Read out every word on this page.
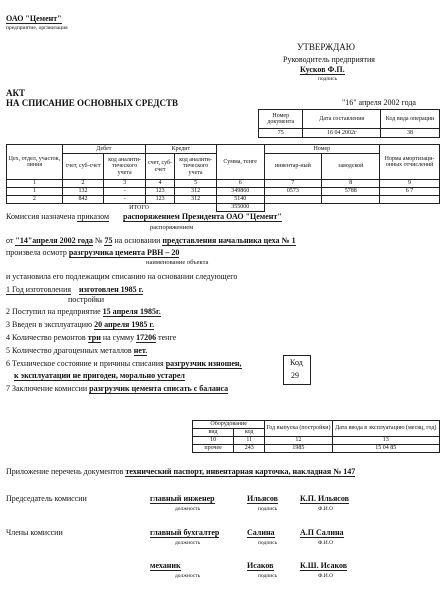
ОАО "Цемент"
предприятие, организация
УТВЕРЖДАЮ
Руководитель предприятия
Кусков Ф.П.
подпись
АКТ
НА СПИСАНИЕ ОСНОВНЫХ СРЕДСТВ	"16" апреля 2002 года
Номер документа	Дата составления	Код вида операции
75	16 04 2002г	38
Цех, отдел, участок, линия	Дебет		Кредит		Сумма, тенге	Номер		Норма амортизаци-онных отчислений
	счет, суб-счет	код аналити-тического учета	счет, суб-счет	код аналити-тического учета		инвентар-ный	заводской	
1	2	3	4	5	6	7	8	9
1	132	-	123	312	349860	0573	5788	6 7
2	842	-	123	312	5140			
	ИТОГО				355000			
Комиссия назначена приказом распоряжением Президента ОАО "Цемент"
распоряжением
от "14"апреля 2002 года № 75 на основании представления начальника цеха № 1
произвела осмотр разгрузчика цемента РВН – 20
наименование объекта
и установила его подлежащим списанию на основании следующего
1 Год изготовления изготовлен 1985 г.
постройки
2 Поступил на предприятие 15 апреля 1985г.
3 Введен в эксплуатацию 20 апреля 1985 г.
4 Количество ремонтов три на сумму 17206 тенге
5 Количество драгоценных металлов нет.
6 Техническое состояние и причины списания разгрузчик изношен,
к эксплуатации не пригоден, морально устарел
Код
29
7 Заключение комиссии разгрузчик цемента списать с баланса
Оборудование		Год выпуска (постройки)	Дата ввода в эксплуатацию (месяц, год)
вид	код		
10	11	12	13
прочее	243	1985	15 04 85
Приложение перечень документов технический паспорт, инвентарная карточка, накладная № 147
Председатель комиссии	главный инженер	Ильясов	К.П. Ильясов
должность	подпись	Ф.И.О
Члены комиссии	главный бухгалтер	Салина	А.П Салина
должность	подпись	Ф.И.О
механик	Исаков	К.Ш. Исаков
должность	подпись	Ф.И.О
